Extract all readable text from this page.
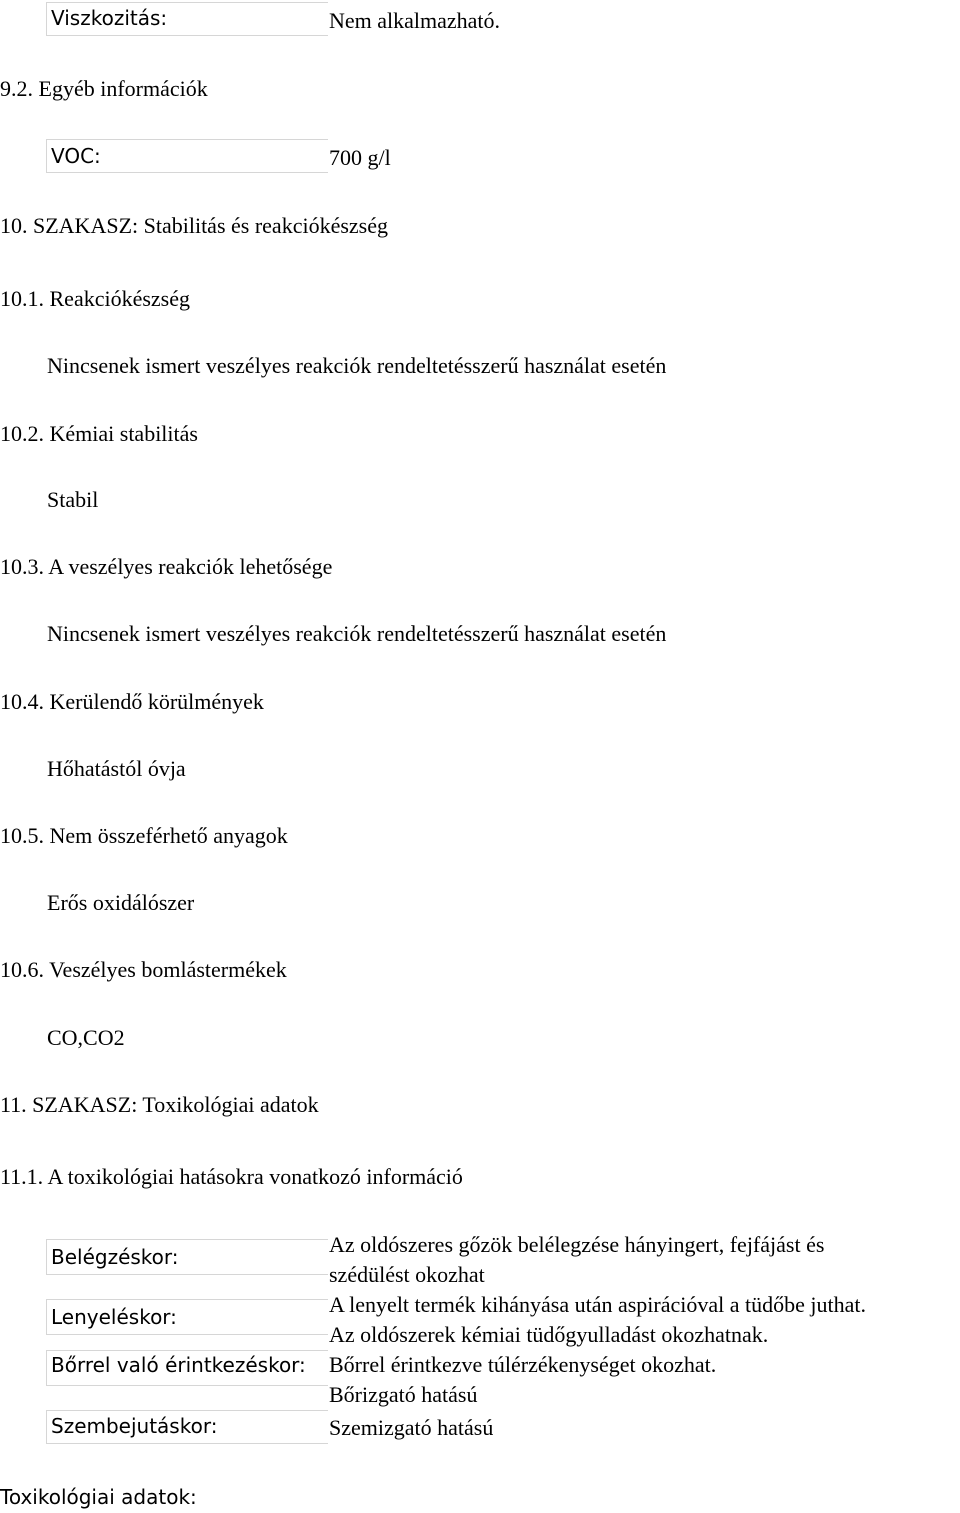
Viszkozitás:	Nem alkalmazható.
9.2. Egyéb információk
VOC:	700 g/l
10. SZAKASZ: Stabilitás és reakciókészség
10.1. Reakciókészség
Nincsenek ismert veszélyes reakciók rendeltetésszerű használat esetén
10.2. Kémiai stabilitás
Stabil
10.3. A veszélyes reakciók lehetősége
Nincsenek ismert veszélyes reakciók rendeltetésszerű használat esetén
10.4. Kerülendő körülmények
Hőhatástól óvja
10.5. Nem összeférhető anyagok
Erős oxidálószer
10.6. Veszélyes bomlástermékek
CO,CO2
11. SZAKASZ: Toxikológiai adatok
11.1. A toxikológiai hatásokra vonatkozó információ
Belégzéskor:	Az oldószeres gőzök belélegzése hányingert, fejfájást és
szédülést okozhat
Lenyeléskor:	A lenyelt termék kihányása után aspirációval a tüdőbe juthat.
Az oldószerek kémiai tüdőgyulladást okozhatnak.
Bőrrel való érintkezéskor: Bőrrel érintkezve túlérzékenységet okozhat.
Bőrizgató hatású
Szembejutáskor:	Szemizgató hatású
Toxikológiai adatok:
